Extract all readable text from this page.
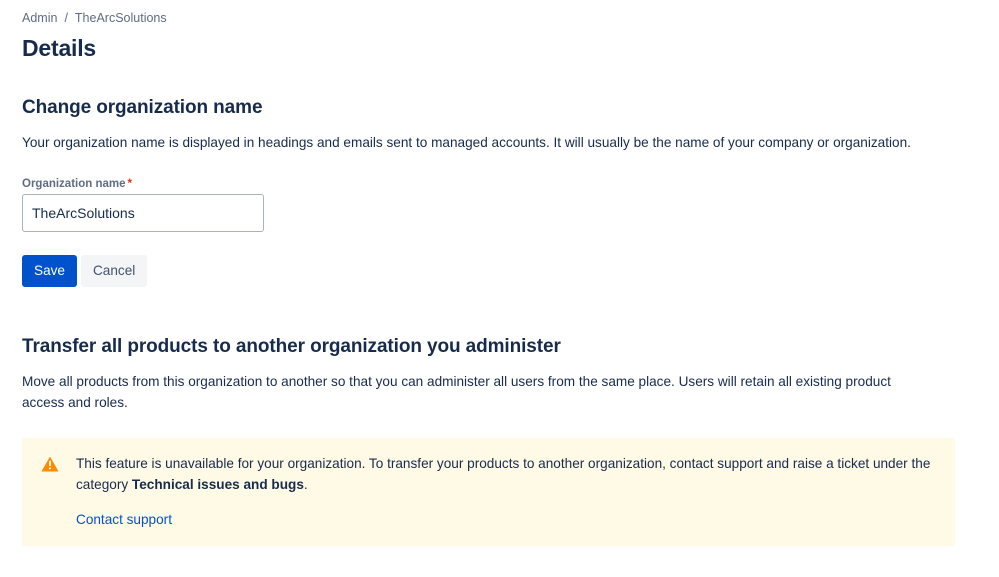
Admin / TheArcSolutions
Details
Change organization name

Your organization name is displayed in headings and emails sent to managed accounts. It will usually be the name of your company or organization.

Organization name *
TheArcSolutions
Save	Cancel
Transfer all products to another organization you administer

Move all products from this organization to another so that you can administer all users from the same place. Users will retain all existing product access and roles.

This feature is unavailable for your organization. To transfer your products to another organization, contact support and raise a ticket under the category Technical issues and bugs.
Contact support
